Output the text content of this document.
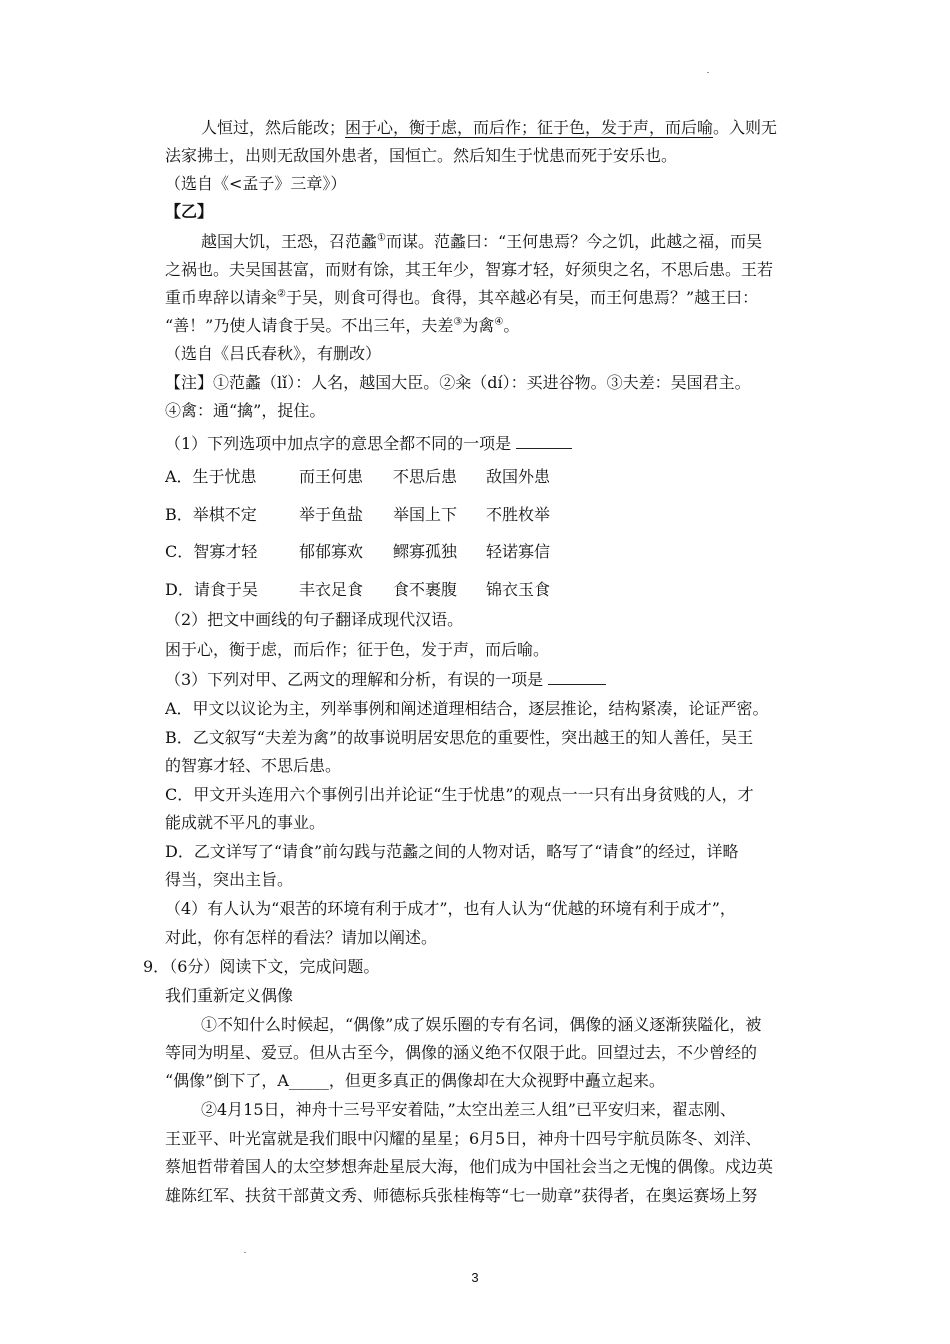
人恒过，然后能改；困于心，衡于虑，而后作；征于色，发于声，而后喻。入则无
法家拂士，出则无敌国外患者，国恒亡。然后知生于忧患而死于安乐也。
（选自《<孟子》三章》）
【乙】
越国大饥，王恐，召范蠡①而谋。范蠡曰：“王何患焉？今之饥，此越之福，而吴
之祸也。夫吴国甚富，而财有馀，其王年少，智寡才轻，好须臾之名，不思后患。王若
重币卑辞以请籴②于吴，则食可得也。食得，其卒越必有吴，而王何患焉？”越王曰：
“善！”乃使人请食于吴。不出三年，夫差③为禽④。
（选自《吕氏春秋》，有删改）
【注】①范蠡（lǐ）：人名，越国大臣。②籴（dí）：买进谷物。③夫差：吴国君主。
④禽：通“擒”，捉住。
（1）下列选项中加点字的意思全都不同的一项是
A．生于忧患	而王何患 不思后患 敌国外患
B．举棋不定	举于鱼盐 举国上下 不胜枚举
C．智寡才轻	郁郁寡欢 鳏寡孤独 轻诺寡信
D．请食于吴	丰衣足食 食不裹腹 锦衣玉食
（2）把文中画线的句子翻译成现代汉语。
困于心，衡于虑，而后作；征于色，发于声，而后喻。
（3）下列对甲、乙两文的理解和分析，有误的一项是
A．甲文以议论为主，列举事例和阐述道理相结合，逐层推论，结构紧凑，论证严密。
B．乙文叙写“夫差为禽”的故事说明居安思危的重要性，突出越王的知人善任，吴王
的智寡才轻、不思后患。
C．甲文开头连用六个事例引出并论证“生于忧患”的观点一一只有出身贫贱的人，才
能成就不平凡的事业。
D．乙文详写了“请食”前勾践与范蠡之间的人物对话，略写了“请食”的经过，详略
得当，突出主旨。
（4）有人认为“艰苦的环境有利于成才”，也有人认为“优越的环境有利于成才”，
对此，你有怎样的看法？请加以阐述。
9．（6分）阅读下文，完成问题。
我们重新定义偶像
①不知什么时候起，“偶像”成了娱乐圈的专有名词，偶像的涵义逐渐狭隘化，被
等同为明星、爱豆。但从古至今，偶像的涵义绝不仅限于此。回望过去，不少曾经的
“偶像”倒下了，A_____，但更多真正的偶像却在大众视野中矗立起来。
②4月15日，神舟十三号平安着陆，”太空出差三人组”已平安归来，翟志刚、
王亚平、叶光富就是我们眼中闪耀的星星；6月5日，神舟十四号宇航员陈冬、刘洋、
蔡旭哲带着国人的太空梦想奔赴星辰大海，他们成为中国社会当之无愧的偶像。戍边英
雄陈红军、扶贫干部黄文秀、师德标兵张桂梅等“七一勋章”获得者，在奥运赛场上努
3
